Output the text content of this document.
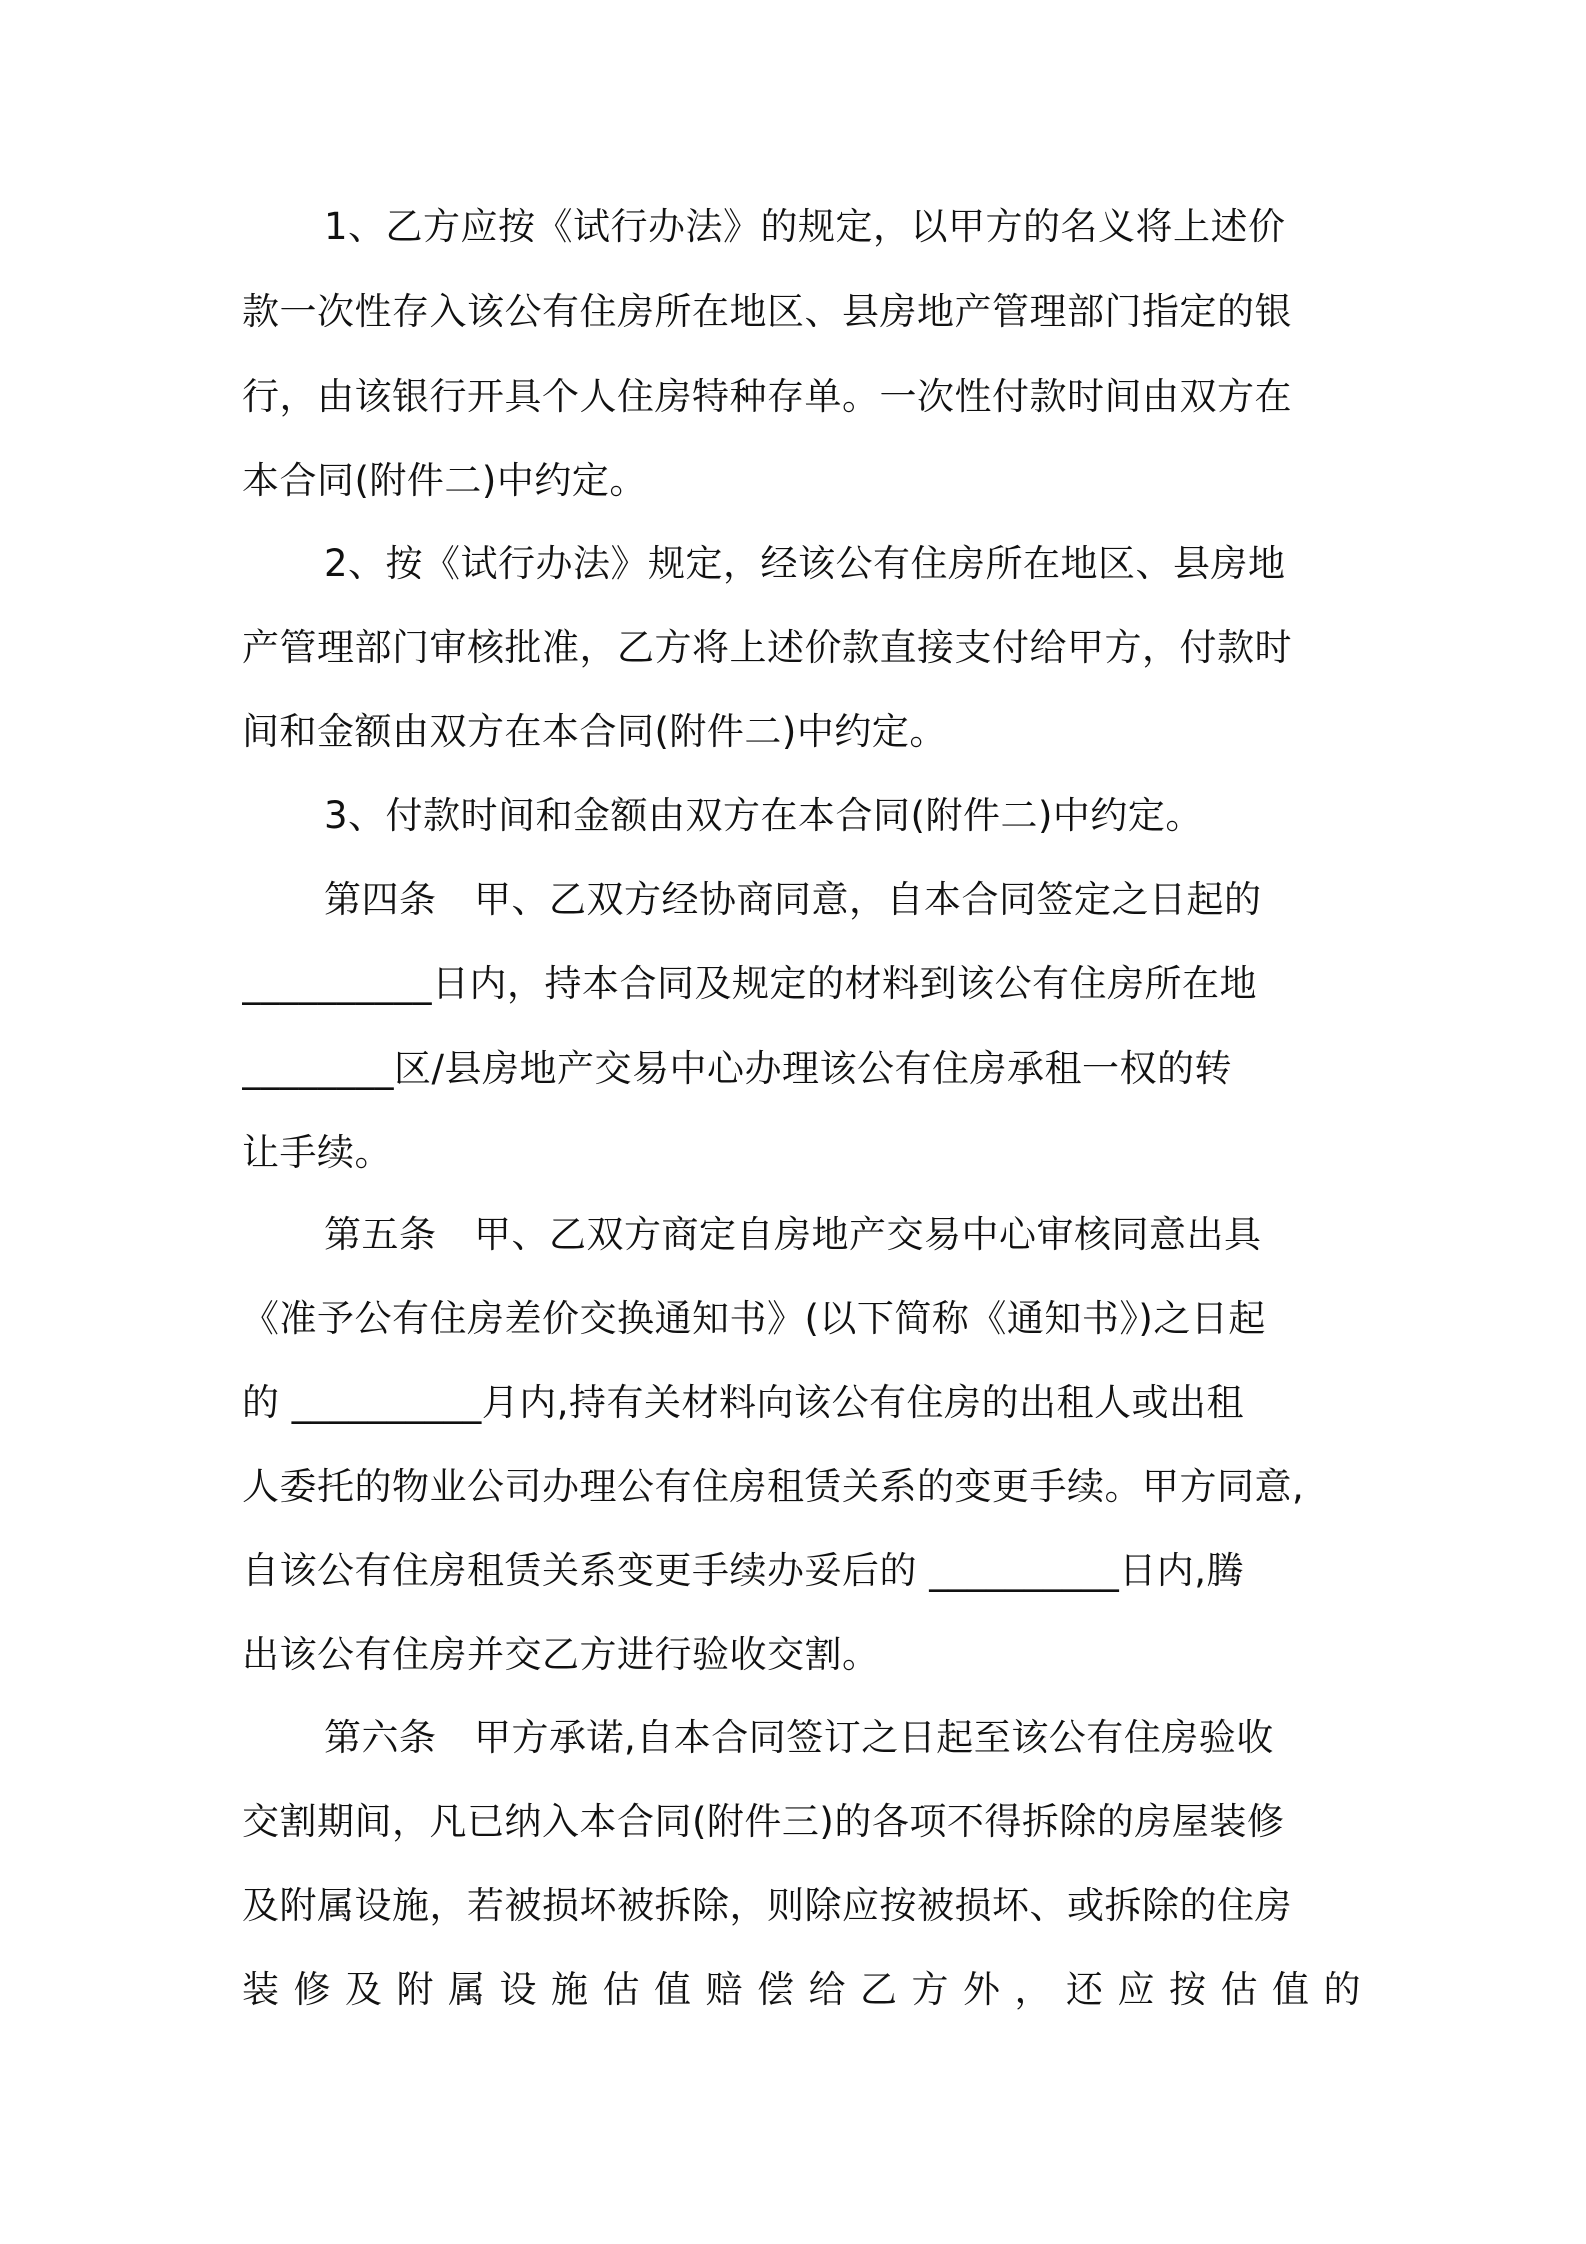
1、乙方应按《试行办法》的规定，以甲方的名义将上述价
款一次性存入该公有住房所在地区、县房地产管理部门指定的银
行，由该银行开具个人住房特种存单。一次性付款时间由双方在
本合同(附件二)中约定。
2、按《试行办法》规定，经该公有住房所在地区、县房地
产管理部门审核批准，乙方将上述价款直接支付给甲方，付款时
间和金额由双方在本合同(附件二)中约定。
3、付款时间和金额由双方在本合同(附件二)中约定。
第四条　甲、乙双方经协商同意，自本合同签定之日起的
__________日内，持本合同及规定的材料到该公有住房所在地
________区/县房地产交易中心办理该公有住房承租一权的转
让手续。
第五条　甲、乙双方商定自房地产交易中心审核同意出具
《准予公有住房差价交换通知书》(以下简称《通知书》)之日起
的 __________月内,持有关材料向该公有住房的出租人或出租
人委托的物业公司办理公有住房租赁关系的变更手续。甲方同意,
自该公有住房租赁关系变更手续办妥后的 __________日内,腾
出该公有住房并交乙方进行验收交割。
第六条　甲方承诺,自本合同签订之日起至该公有住房验收
交割期间，凡已纳入本合同(附件三)的各项不得拆除的房屋装修
及附属设施，若被损坏被拆除，则除应按被损坏、或拆除的住房
装修及附属设施估值赔偿给乙方外，还应按估值的
